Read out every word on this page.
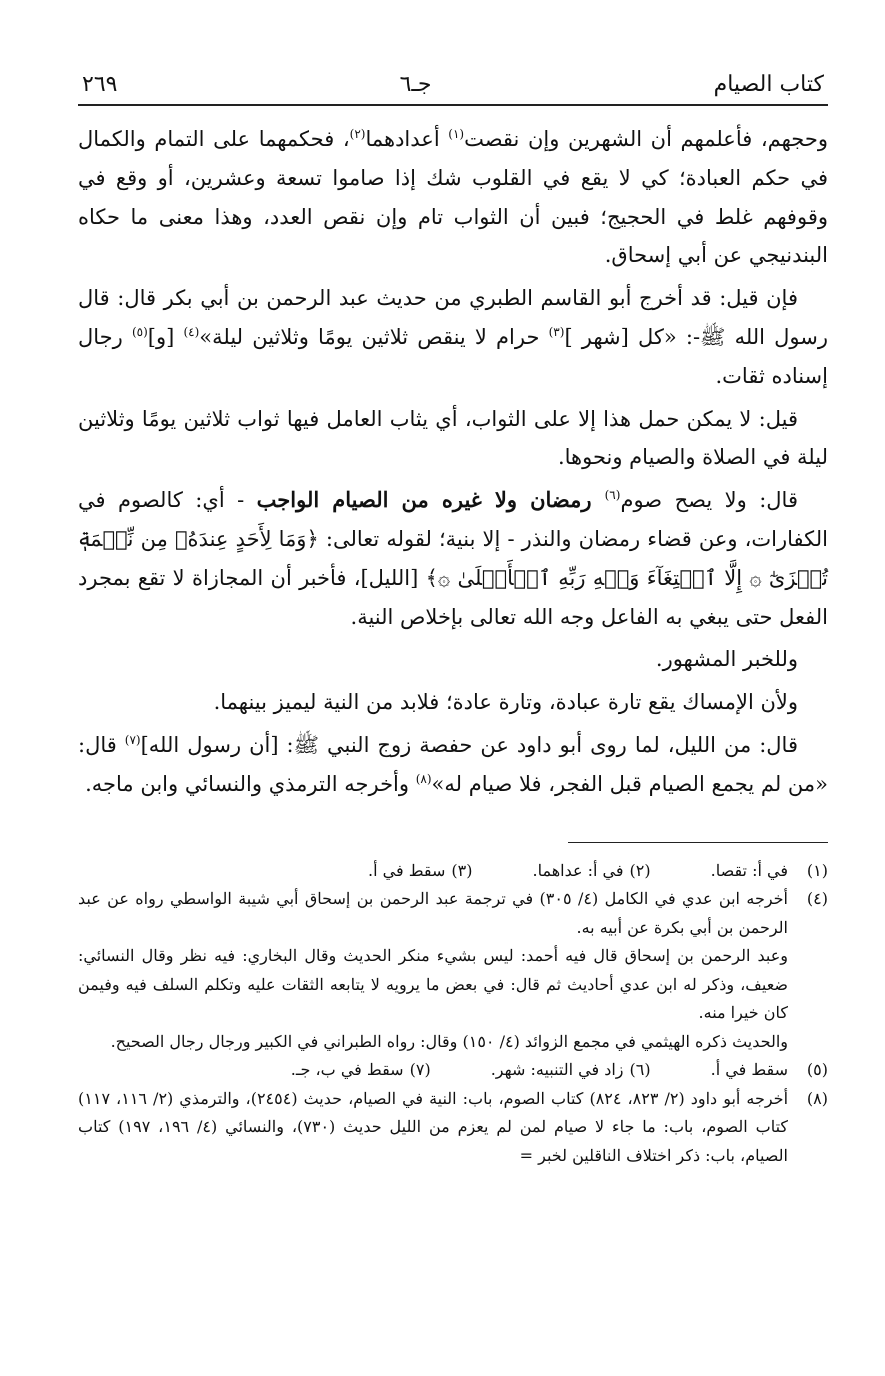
كتاب الصيام
جـ٦
٢٦٩

وحجهم، فأعلمهم أن الشهرين وإن نقصت$^{(١)}$ أعدادهما$^{(٢)}$، فحكمهما على التمام والكمال في حكم العبادة؛ كي لا يقع في القلوب شك إذا صاموا تسعة وعشرين، أو وقع في وقوفهم غلط في الحجيج؛ فبين أن الثواب تام وإن نقص العدد، وهذا معنى ما حكاه البندنيجي عن أبي إسحاق.

فإن قيل: قد أخرج أبو القاسم الطبري من حديث عبد الرحمن بن أبي بكر قال: قال رسول الله ﷺ-: «كل [شهر ]$^{(٣)}$ حرام لا ينقص ثلاثين يومًا وثلاثين ليلة»$^{(٤)}$ [و]$^{(٥)}$ رجال إسناده ثقات.

قيل: لا يمكن حمل هذا إلا على الثواب، أي يثاب العامل فيها ثواب ثلاثين يومًا وثلاثين ليلة في الصلاة والصيام ونحوها.

قال: ولا يصح صوم$^{(٦)}$ رمضان ولا غيره من الصيام الواجب - أي: كالصوم في الكفارات، وعن قضاء رمضان والنذر - إلا بنية؛ لقوله تعالى: ﴿وَمَا لِأَحَدٍ عِندَهُۥ مِن نِّعۡمَةٖ تُجۡزَىٰٓ ۞ إِلَّا ٱبۡتِغَآءَ وَجۡهِ رَبِّهِ ٱلۡأَعۡلَىٰ ۞﴾ [الليل]، فأخبر أن المجازاة لا تقع بمجرد الفعل حتى يبغي به الفاعل وجه الله تعالى بإخلاص النية.

وللخبر المشهور.

ولأن الإمساك يقع تارة عبادة، وتارة عادة؛ فلابد من النية ليميز بينهما.

قال: من الليل، لما روى أبو داود عن حفصة زوج النبي ﷺ: [أن رسول الله]$^{(٧)}$ قال: «من لم يجمع الصيام قبل الفجر، فلا صيام له»$^{(٨)}$ وأخرجه الترمذي والنسائي وابن ماجه.

(١)
في أ: تقصا.
(٢)
في أ: عداهما.
(٣)
سقط في أ.
(٤)
أخرجه ابن عدي في الكامل (٤/ ٣٠٥) في ترجمة عبد الرحمن بن إسحاق أبي شيبة الواسطي رواه عن عبد الرحمن بن أبي بكرة عن أبيه به.
وعبد الرحمن بن إسحاق قال فيه أحمد: ليس بشيء منكر الحديث وقال البخاري: فيه نظر وقال النسائي: ضعيف، وذكر له ابن عدي أحاديث ثم قال: في بعض ما يرويه لا يتابعه الثقات عليه وتكلم السلف فيه وفيمن كان خيرا منه.
والحديث ذكره الهيثمي في مجمع الزوائد (٤/ ١٥٠) وقال: رواه الطبراني في الكبير ورجال رجال الصحيح.
(٥)
سقط في أ.
(٦)
زاد في التنبيه: شهر.
(٧)
سقط في ب، جـ.
(٨)
أخرجه أبو داود (٢/ ٨٢٣، ٨٢٤) كتاب الصوم، باب: النية في الصيام، حديث (٢٤٥٤)، والترمذي (٢/ ١١٦، ١١٧) كتاب الصوم، باب: ما جاء لا صيام لمن لم يعزم من الليل حديث (٧٣٠)، والنسائي (٤/ ١٩٦، ١٩٧) كتاب الصيام، باب: ذكر اختلاف الناقلين لخبر =
